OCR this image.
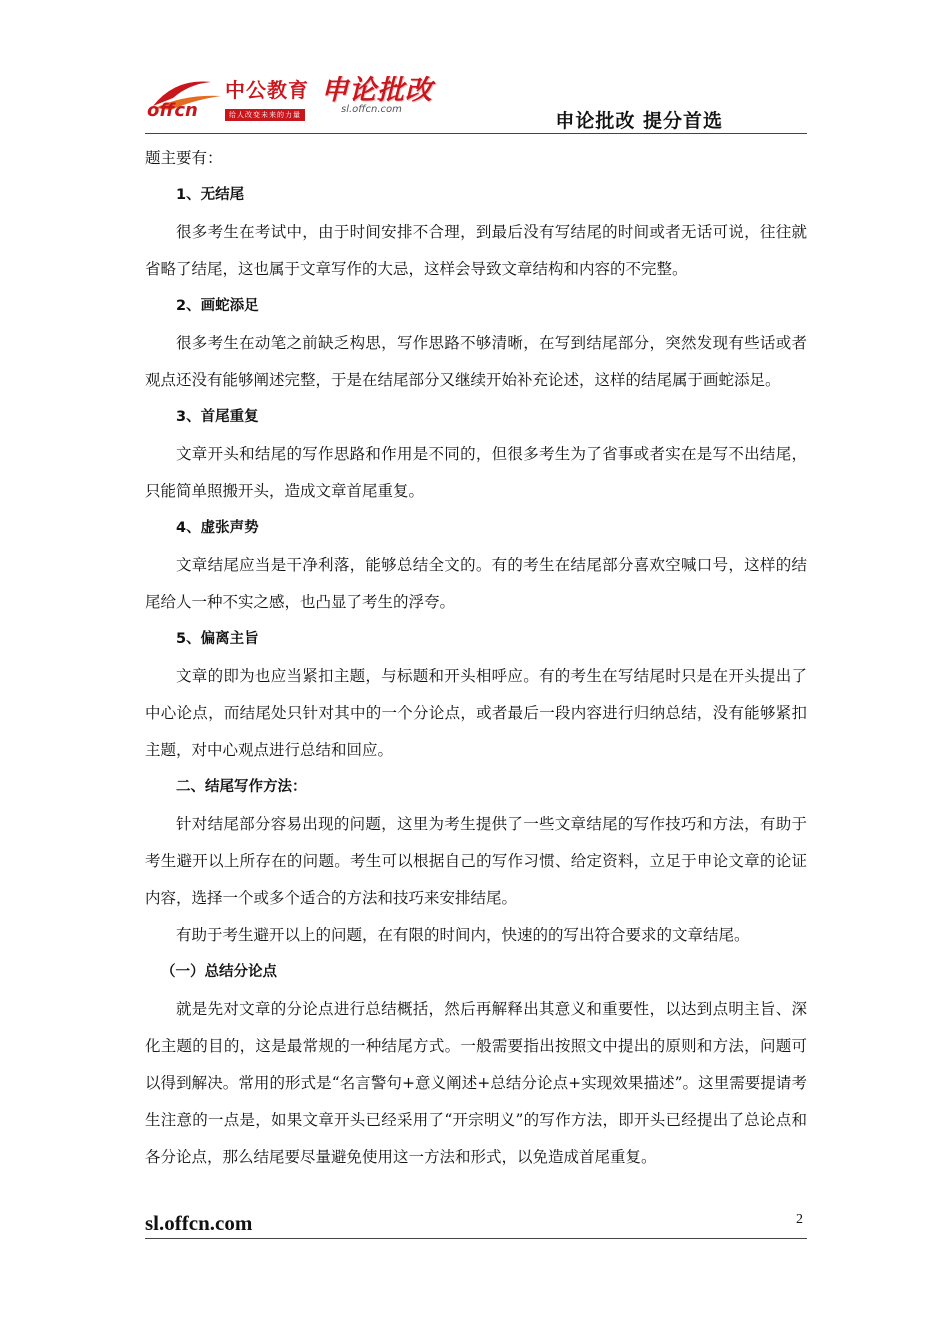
offcn
中公教育
给人改变未来的力量
申论批改
sl.offcn.com
申论批改 提分首选

题主要有：

1、无结尾

很多考生在考试中，由于时间安排不合理，到最后没有写结尾的时间或者无话可说，往往就省略了结尾，这也属于文章写作的大忌，这样会导致文章结构和内容的不完整。

2、画蛇添足

很多考生在动笔之前缺乏构思，写作思路不够清晰，在写到结尾部分，突然发现有些话或者观点还没有能够阐述完整，于是在结尾部分又继续开始补充论述，这样的结尾属于画蛇添足。

3、首尾重复

文章开头和结尾的写作思路和作用是不同的，但很多考生为了省事或者实在是写不出结尾，只能简单照搬开头，造成文章首尾重复。

4、虚张声势

文章结尾应当是干净利落，能够总结全文的。有的考生在结尾部分喜欢空喊口号，这样的结尾给人一种不实之感，也凸显了考生的浮夸。

5、偏离主旨

文章的即为也应当紧扣主题，与标题和开头相呼应。有的考生在写结尾时只是在开头提出了中心论点，而结尾处只针对其中的一个分论点，或者最后一段内容进行归纳总结，没有能够紧扣主题，对中心观点进行总结和回应。

二、结尾写作方法：

针对结尾部分容易出现的问题，这里为考生提供了一些文章结尾的写作技巧和方法，有助于考生避开以上所存在的问题。考生可以根据自己的写作习惯、给定资料，立足于申论文章的论证内容，选择一个或多个适合的方法和技巧来安排结尾。

有助于考生避开以上的问题，在有限的时间内，快速的的写出符合要求的文章结尾。

（一）总结分论点

就是先对文章的分论点进行总结概括，然后再解释出其意义和重要性，以达到点明主旨、深化主题的目的，这是最常规的一种结尾方式。一般需要指出按照文中提出的原则和方法，问题可以得到解决。常用的形式是“名言警句+意义阐述+总结分论点+实现效果描述”。这里需要提请考生注意的一点是，如果文章开头已经采用了“开宗明义”的写作方法，即开头已经提出了总论点和各分论点，那么结尾要尽量避免使用这一方法和形式，以免造成首尾重复。

sl.offcn.com	2
